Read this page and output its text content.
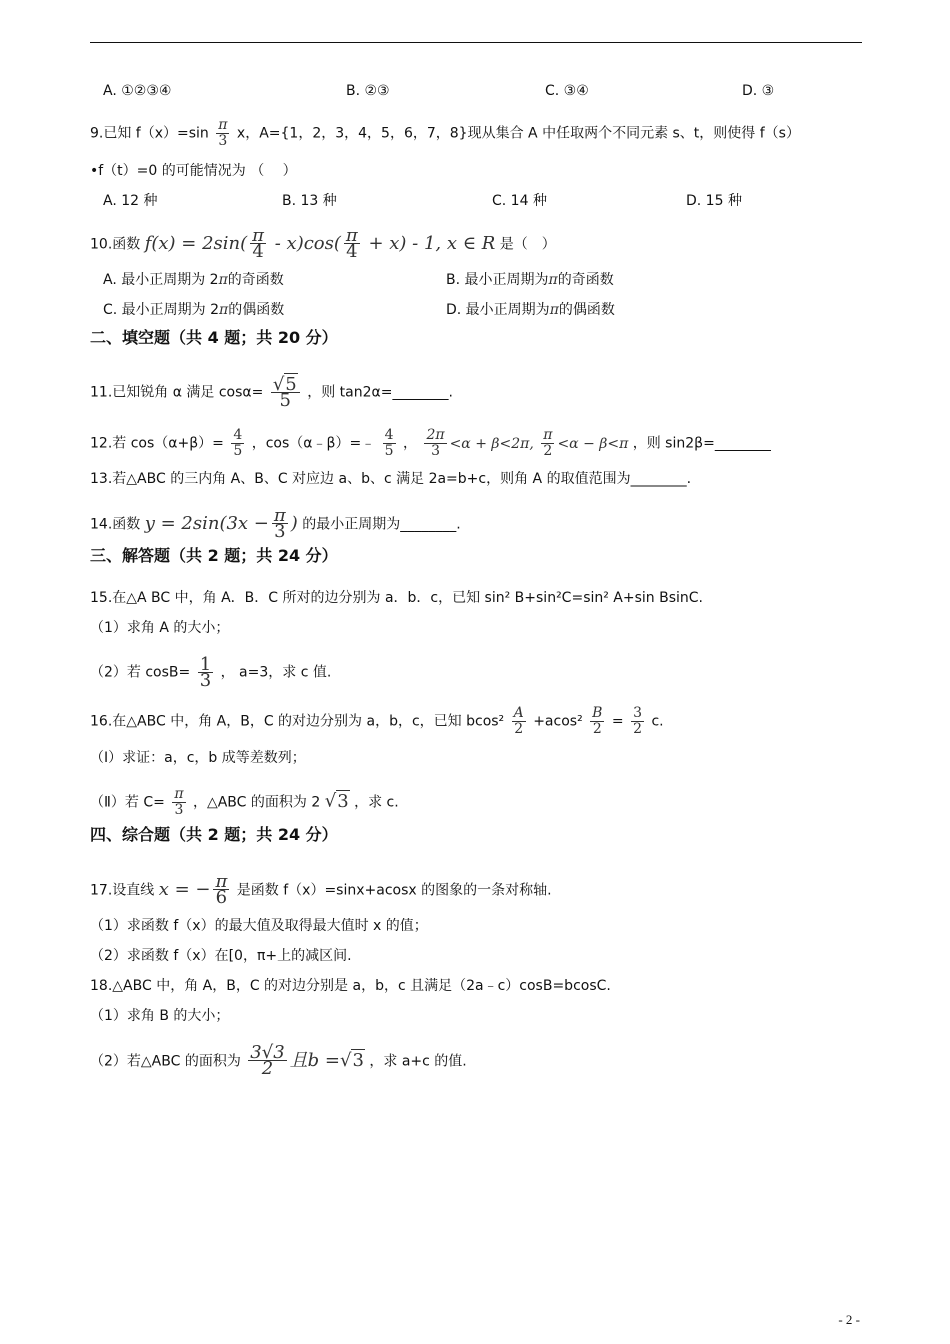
A. ①②③④	B. ②③	C. ③④	D. ③
9.已知 $f(x)=\sin \frac{\pi}{3}$ x，A={1，2，3，4，5，6，7，8}现从集合 A 中任取两个不同元素 s、t，则使得 f（s）
•f（t）=0 的可能情况为 （　 ）
A. 12 种	B. 13 种	C. 14 种	D. 15 种
10.函数 $f(x) = 2\sin( \frac{\pi}{4} - x)\cos( \frac{\pi}{4} + x) - 1$, x ∈ R 是（　）
A. 最小正周期为 2π的奇函数	B. 最小正周期为π的奇函数
C. 最小正周期为 2π的偶函数	D. 最小正周期为π的偶函数
二、填空题（共 4 题；共 20 分）
11.已知锐角 α 满足 $\cos\alpha= \frac{√5}{5}$ ，则 tan2α=________.
12.若 $\cos(\alpha+\beta)= \frac{4}{5}$ ，cos（α﹣β）=﹣ $\frac{4}{5}$ ， $\frac{2\pi}{3} <\alpha + \beta<2\pi$, $\frac{\pi}{2} <\alpha - \beta<\pi$ ，则 sin2β=________
13.若△ABC 的三内角 A、B、C 对应边 a、b、c 满足 2a=b+c，则角 A 的取值范围为________.
14.函数 $y = 2\sin(3x - \frac{\pi}{3}$ ) 的最小正周期为________.
三、解答题（共 2 题；共 24 分）
15.在△A BC 中，角 A．B．C 所对的边分别为 a．b．c，已知 sin² B+sin²C=sin² A+sin BsinC.
（1）求角 A 的大小；
（2）若 $\cos B= \frac{1}{3}$ ， a=3，求 c 值.
16.在△ABC 中，角 A，B，C 的对边分别为 a，b，c，已知 $bcos^2 \frac{A}{2} +acos^2 \frac{B}{2} = \frac{3}{2} c$.
（Ⅰ）求证：a，c，b 成等差数列；
（Ⅱ）若 $C= \frac{\pi}{3}$ ，△ABC 的面积为 2 √3 ，求 c.
四、综合题（共 2 题；共 24 分）
17.设直线 x = − $\frac{\pi}{6}$ 是函数 f（x）=sinx+acosx 的图象的一条对称轴.
（1）求函数 f（x）的最大值及取得最大值时 x 的值；
（2）求函数 f（x）在[0，π+上的减区间.
18.△ABC 中，角 A，B，C 的对边分别是 a，b，c 且满足（2a﹣c）cosB=bcosC.
（1）求角 B 的大小；
（2）若△ABC 的面积为 $\frac{3√3}{2}$ 且b =√3 ，求 a+c 的值.
- 2 -
